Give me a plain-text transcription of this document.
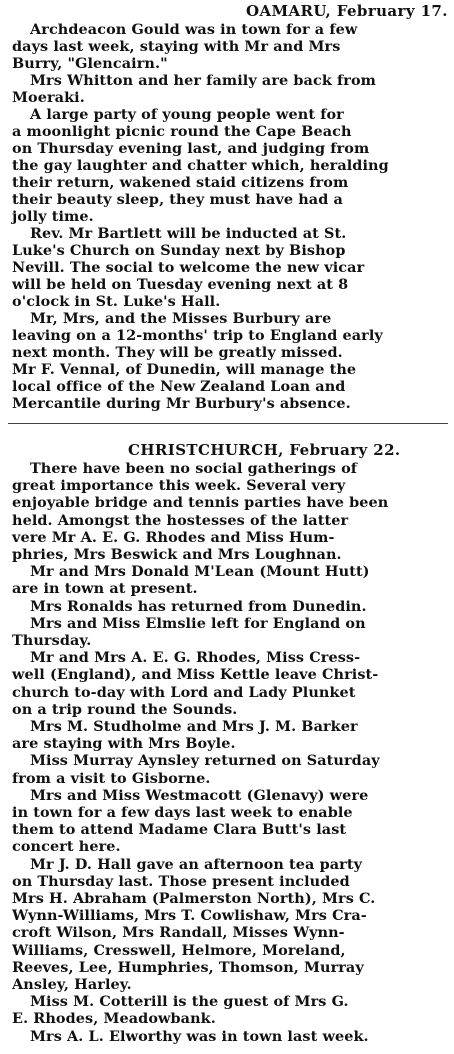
OAMARU, February 17.
Archdeacon Gould was in town for a few
days last week, staying with Mr and Mrs
Burry, "Glencairn."
Mrs Whitton and her family are back from
Moeraki.
A large party of young people went for
a moonlight picnic round the Cape Beach
on Thursday evening last, and judging from
the gay laughter and chatter which, heralding
their return, wakened staid citizens from
their beauty sleep, they must have had a
jolly time.
Rev. Mr Bartlett will be inducted at St.
Luke's Church on Sunday next by Bishop
Nevill. The social to welcome the new vicar
will be held on Tuesday evening next at 8
o'clock in St. Luke's Hall.
Mr, Mrs, and the Misses Burbury are
leaving on a 12-months' trip to England early
next month. They will be greatly missed.
Mr F. Vennal, of Dunedin, will manage the
local office of the New Zealand Loan and
Mercantile during Mr Burbury's absence.
CHRISTCHURCH, February 22.
There have been no social gatherings of
great importance this week. Several very
enjoyable bridge and tennis parties have been
held. Amongst the hostesses of the latter
vere Mr A. E. G. Rhodes and Miss Hum-
phries, Mrs Beswick and Mrs Loughnan.
Mr and Mrs Donald M'Lean (Mount Hutt)
are in town at present.
Mrs Ronalds has returned from Dunedin.
Mrs and Miss Elmslie left for England on
Thursday.
Mr and Mrs A. E. G. Rhodes, Miss Cress-
well (England), and Miss Kettle leave Christ-
church to-day with Lord and Lady Plunket
on a trip round the Sounds.
Mrs M. Studholme and Mrs J. M. Barker
are staying with Mrs Boyle.
Miss Murray Aynsley returned on Saturday
from a visit to Gisborne.
Mrs and Miss Westmacott (Glenavy) were
in town for a few days last week to enable
them to attend Madame Clara Butt's last
concert here.
Mr J. D. Hall gave an afternoon tea party
on Thursday last. Those present included
Mrs H. Abraham (Palmerston North), Mrs C.
Wynn-Williams, Mrs T. Cowlishaw, Mrs Cra-
croft Wilson, Mrs Randall, Misses Wynn-
Williams, Cresswell, Helmore, Moreland,
Reeves, Lee, Humphries, Thomson, Murray
Ansley, Harley.
Miss M. Cotterill is the guest of Mrs G.
E. Rhodes, Meadowbank.
Mrs A. L. Elworthy was in town last week.
